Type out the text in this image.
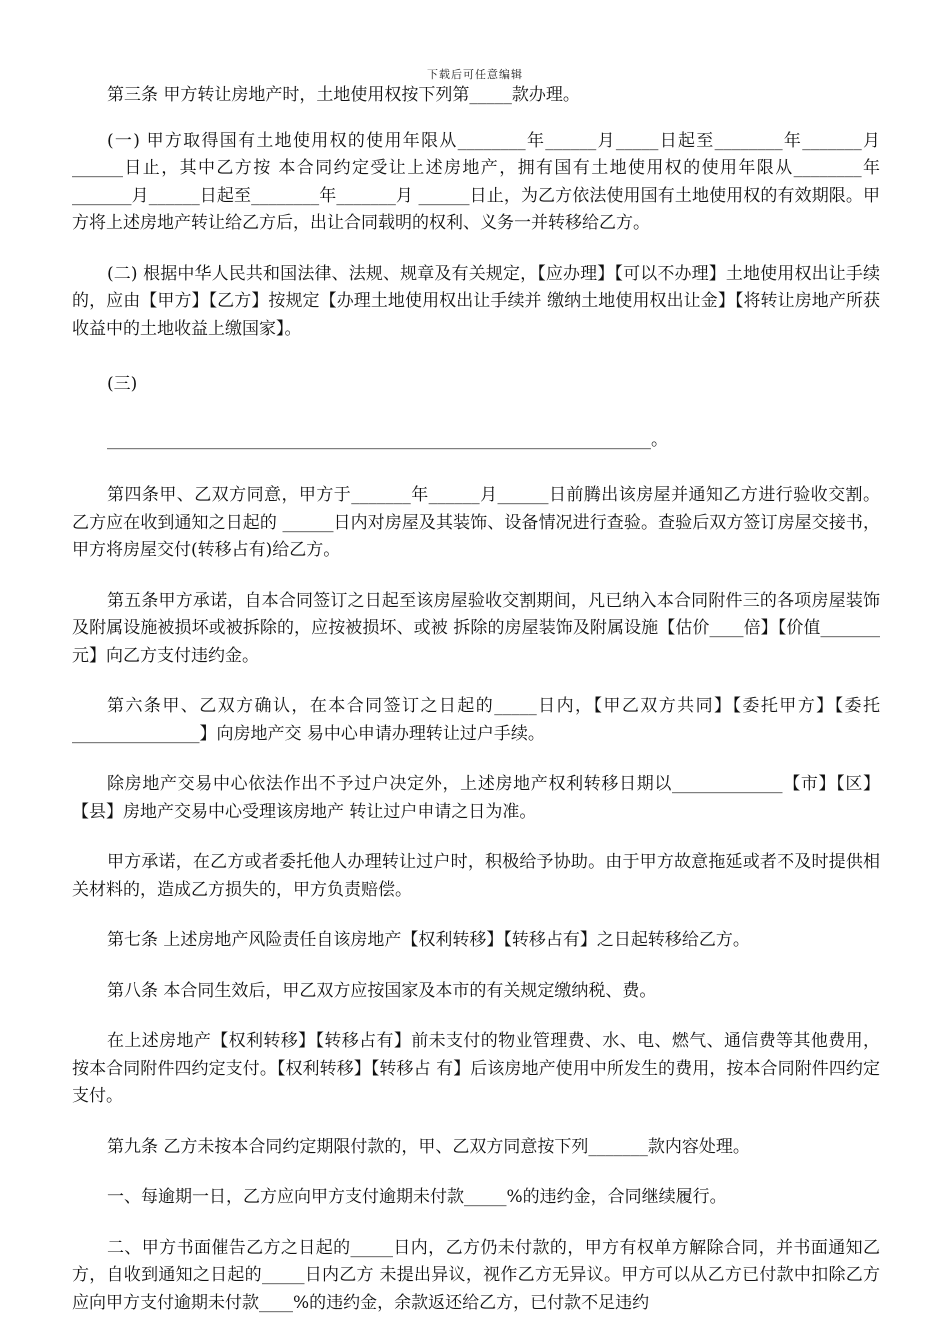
下载后可任意编辑

第三条 甲方转让房地产时，土地使用权按下列第_____款办理。

(一) 甲方取得国有土地使用权的使用年限从________年______月_____日起至________年_______月______日止，其中乙方按 本合同约定受让上述房地产，拥有国有土地使用权的使用年限从________年_______月______日起至________年_______月 ______日止，为乙方依法使用国有土地使用权的有效期限。甲方将上述房地产转让给乙方后，出让合同载明的权利、义务一并转移给乙方。

(二) 根据中华人民共和国法律、法规、规章及有关规定，【应办理】【可以不办理】土地使用权出让手续的，应由【甲方】【乙方】按规定【办理土地使用权出让手续并 缴纳土地使用权出让金】【将转让房地产所获收益中的土地收益上缴国家】。

(三)

________________________________________________________________。

第四条甲、乙双方同意，甲方于_______年______月______日前腾出该房屋并通知乙方进行验收交割。乙方应在收到通知之日起的 ______日内对房屋及其装饰、设备情况进行查验。查验后双方签订房屋交接书，甲方将房屋交付(转移占有)给乙方。

第五条甲方承诺，自本合同签订之日起至该房屋验收交割期间，凡已纳入本合同附件三的各项房屋装饰及附属设施被损坏或被拆除的，应按被损坏、或被 拆除的房屋装饰及附属设施【估价____倍】【价值_______元】向乙方支付违约金。

第六条甲、乙双方确认，在本合同签订之日起的_____日内，【甲乙双方共同】【委托甲方】【委托_______________】向房地产交 易中心申请办理转让过户手续。

除房地产交易中心依法作出不予过户决定外，上述房地产权利转移日期以_____________【市】【区】【县】房地产交易中心受理该房地产 转让过户申请之日为准。

甲方承诺，在乙方或者委托他人办理转让过户时，积极给予协助。由于甲方故意拖延或者不及时提供相关材料的，造成乙方损失的，甲方负责赔偿。

第七条 上述房地产风险责任自该房地产【权利转移】【转移占有】之日起转移给乙方。

第八条 本合同生效后，甲乙双方应按国家及本市的有关规定缴纳税、费。

在上述房地产【权利转移】【转移占有】前未支付的物业管理费、水、电、燃气、通信费等其他费用，按本合同附件四约定支付。【权利转移】【转移占 有】后该房地产使用中所发生的费用，按本合同附件四约定支付。

第九条 乙方未按本合同约定期限付款的，甲、乙双方同意按下列_______款内容处理。

一、每逾期一日，乙方应向甲方支付逾期未付款_____%的违约金，合同继续履行。

二、甲方书面催告乙方之日起的_____日内，乙方仍未付款的，甲方有权单方解除合同，并书面通知乙方，自收到通知之日起的_____日内乙方 未提出异议，视作乙方无异议。甲方可以从乙方已付款中扣除乙方应向甲方支付逾期未付款____%的违约金，余款返还给乙方，已付款不足违约
